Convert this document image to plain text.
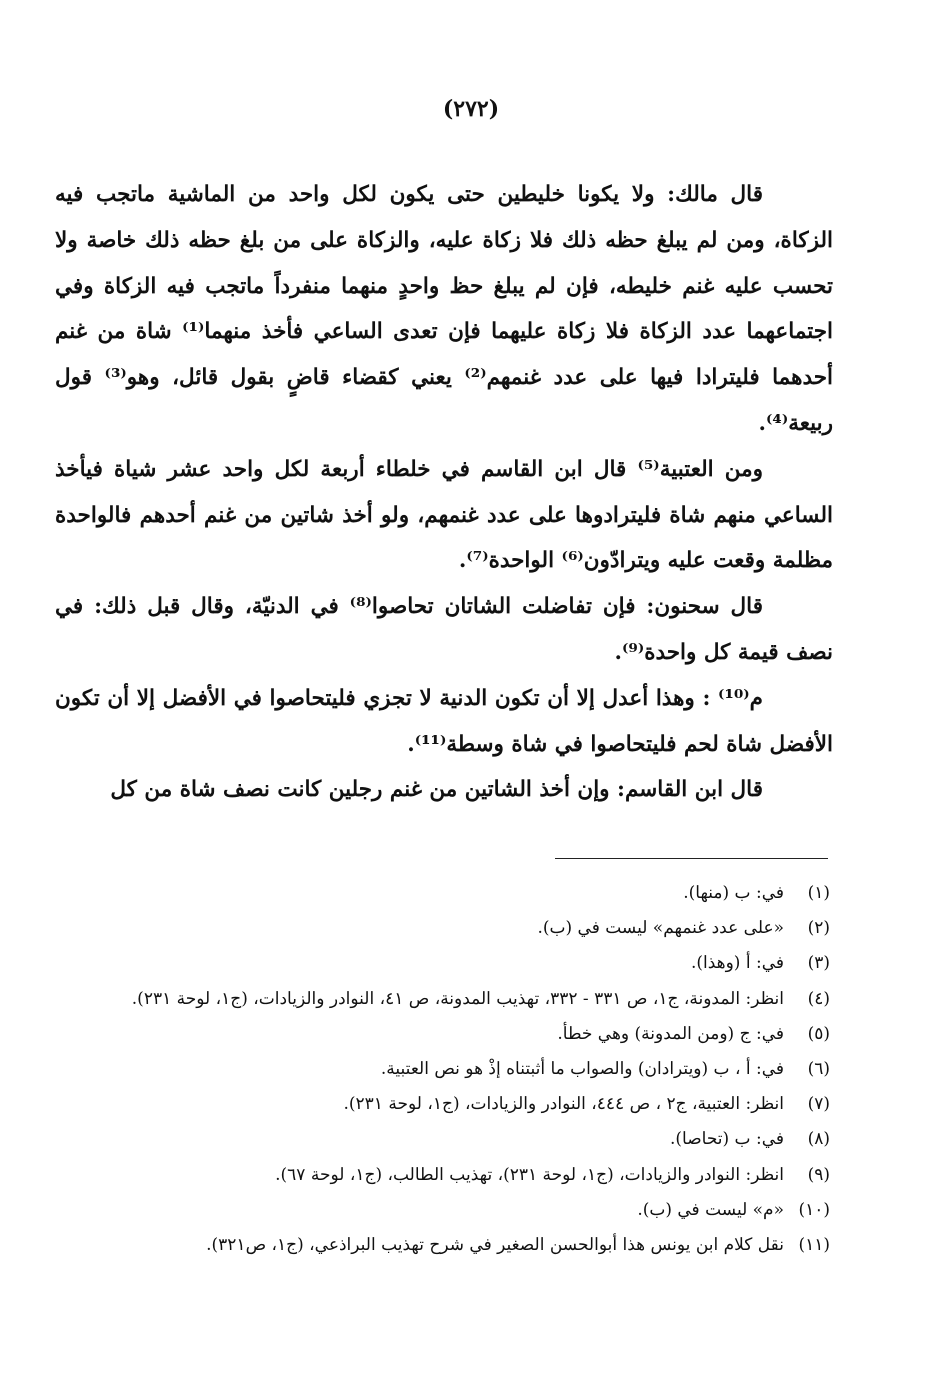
(٢٧٢)

قال مالك: ولا يكونا خليطين حتى يكون لكل واحد من الماشية ماتجب فيه الزكاة، ومن لم يبلغ حظه ذلك فلا زكاة عليه، والزكاة على من بلغ حظه ذلك خاصة ولا تحسب عليه غنم خليطه، فإن لم يبلغ حظ واحدٍ منهما منفرداً ماتجب فيه الزكاة وفي اجتماعهما عدد الزكاة فلا زكاة عليهما فإن تعدى الساعي فأخذ منهما⁽¹⁾ شاة من غنم أحدهما فليترادا فيها على عدد غنمهم⁽²⁾ يعني كقضاء قاضٍ بقول قائل، وهو⁽³⁾ قول ربيعة⁽⁴⁾.

ومن العتبية⁽⁵⁾ قال ابن القاسم في خلطاء أربعة لكل واحد عشر شياة فيأخذ الساعي منهم شاة فليترادوها على عدد غنمهم، ولو أخذ شاتين من غنم أحدهم فالواحدة مظلمة وقعت عليه ويترادّون⁽⁶⁾ الواحدة⁽⁷⁾.

قال سحنون: فإن تفاضلت الشاتان تحاصوا⁽⁸⁾ في الدنيّة، وقال قبل ذلك: في نصف قيمة كل واحدة⁽⁹⁾.

م⁽¹⁰⁾ : وهذا أعدل إلا أن تكون الدنية لا تجزي فليتحاصوا في الأفضل إلا أن تكون الأفضل شاة لحم فليتحاصوا في شاة وسطة⁽¹¹⁾.

قال ابن القاسم: وإن أخذ الشاتين من غنم رجلين كانت نصف شاة من كل

(١)
في: ب (منها).
(٢)
«على عدد غنمهم» ليست في (ب).
(٣)
في: أ (وهذا).
(٤)
انظر: المدونة، ج١، ص ٣٣١ - ٣٣٢، تهذيب المدونة، ص ٤١، النوادر والزيادات، (ج١، لوحة ٢٣١).
(٥)
في: ج (ومن المدونة) وهي خطأ.
(٦)
في: أ ، ب (ويترادان) والصواب ما أثبتناه إذْ هو نص العتبية.
(٧)
انظر: العتبية، ج٢ ، ص ٤٤٤، النوادر والزيادات، (ج١، لوحة ٢٣١).
(٨)
في: ب (تحاصا).
(٩)
انظر: النوادر والزيادات، (ج١، لوحة ٢٣١)، تهذيب الطالب، (ج١، لوحة ٦٧).
(١٠)
«م» ليست في (ب).
(١١)
نقل كلام ابن يونس هذا أبوالحسن الصغير في شرح تهذيب البراذعي، (ج١، ص٣٢١).
